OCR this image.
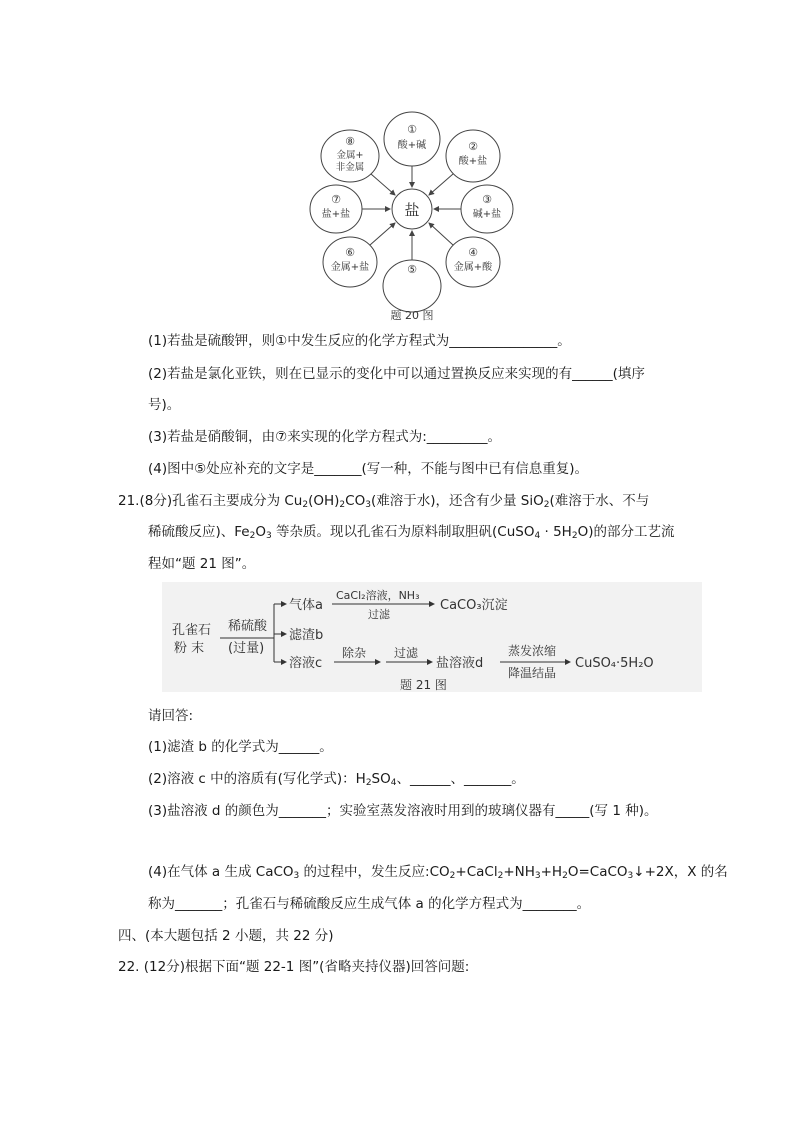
盐
①
酸+碱	②
酸+盐
③
碱+盐
④
金属+酸
⑤
⑥
金属+盐
⑦
盐+盐
⑧
金属+
非金属
题 20 图
(1)若盐是硫酸钾，则①中发生反应的化学方程式为________________。
(2)若盐是氯化亚铁，则在已显示的变化中可以通过置换反应来实现的有______(填序
号)。
(3)若盐是硝酸铜，由⑦来实现的化学方程式为:_________。
(4)图中⑤处应补充的文字是_______(写一种，不能与图中已有信息重复)。
21.(8分)孔雀石主要成分为 $Cu_2(OH)_2CO_3$(难溶于水)，还含有少量 SiO$_2$(难溶于水、不与
稀硫酸反应)、$Fe_2O_3$ 等杂质。现以孔雀石为原料制取胆矾(CuSO$_4$ · $5H_2O$)的部分工艺流
程如“题 21 图”。
孔雀石
粉 末
稀硫酸
(过量)
气体a
CaCl₂溶液，NH₃
过滤
CaCO₃沉淀
滤渣b
溶液c
除杂 过滤
盐溶液d
蒸发浓缩
降温结晶
CuSO₄·5H₂O
题 21 图
请回答:
(1)滤渣 b 的化学式为______。
(2)溶液 c 中的溶质有(写化学式)：$H_2SO_4$、______、_______。
(3)盐溶液 d 的颜色为_______；实验室蒸发溶液时用到的玻璃仪器有_____(写 1 种)。
(4)在气体 a 生成 CaCO$_3$ 的过程中，发生反应$:CO_2+CaCl_2+NH_3+H_2O=CaCO_3↓+2X$，X 的名
称为_______；孔雀石与稀硫酸反应生成气体 a 的化学方程式为________。
四、(本大题包括 2 小题，共 22 分)
22. (12分)根据下面“题 22-1 图”(省略夹持仪器)回答问题:
